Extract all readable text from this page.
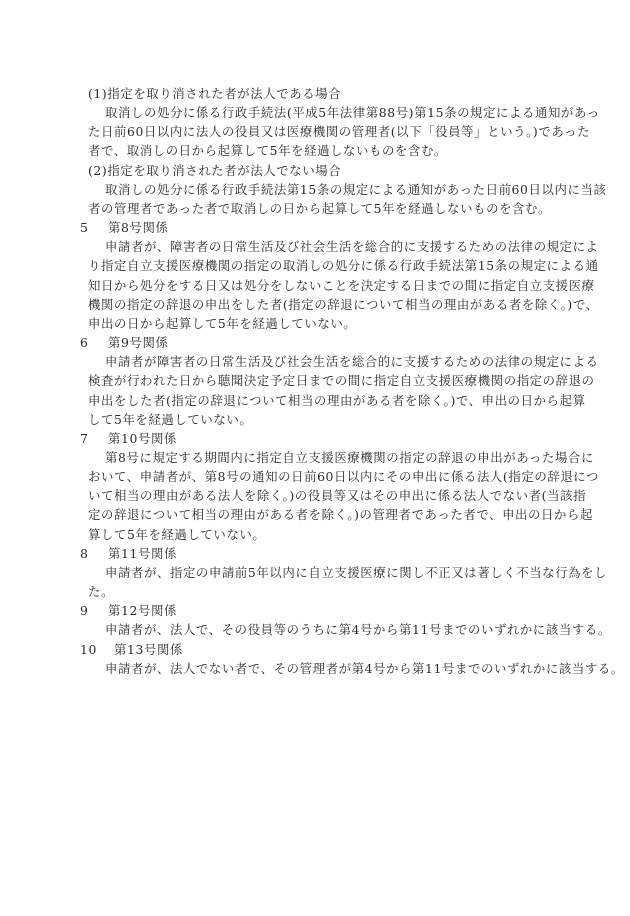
(1)指定を取り消された者が法人である場合
取消しの処分に係る行政手続法(平成5年法律第88号)第15条の規定による通知があっ
た日前60日以内に法人の役員又は医療機関の管理者(以下「役員等」という。)であった
者で、取消しの日から起算して5年を経過しないものを含む。
(2)指定を取り消された者が法人でない場合
取消しの処分に係る行政手続法第15条の規定による通知があった日前60日以内に当該
者の管理者であった者で取消しの日から起算して5年を経過しないものを含む。
5 第8号関係
申請者が、障害者の日常生活及び社会生活を総合的に支援するための法律の規定によ
り指定自立支援医療機関の指定の取消しの処分に係る行政手続法第15条の規定による通
知日から処分をする日又は処分をしないことを決定する日までの間に指定自立支援医療
機関の指定の辞退の申出をした者(指定の辞退について相当の理由がある者を除く。)で、
申出の日から起算して5年を経過していない。
6 第9号関係
申請者が障害者の日常生活及び社会生活を総合的に支援するための法律の規定による
検査が行われた日から聴聞決定予定日までの間に指定自立支援医療機関の指定の辞退の
申出をした者(指定の辞退について相当の理由がある者を除く。)で、申出の日から起算
して5年を経過していない。
7 第10号関係
第8号に規定する期間内に指定自立支援医療機関の指定の辞退の申出があった場合に
おいて、申請者が、第8号の通知の日前60日以内にその申出に係る法人(指定の辞退につ
いて相当の理由がある法人を除く。)の役員等又はその申出に係る法人でない者(当該指
定の辞退について相当の理由がある者を除く。)の管理者であった者で、申出の日から起
算して5年を経過していない。
8 第11号関係
申請者が、指定の申請前5年以内に自立支援医療に関し不正又は著しく不当な行為をし
た。
9 第12号関係
申請者が、法人で、その役員等のうちに第4号から第11号までのいずれかに該当する。
10 第13号関係
申請者が、法人でない者で、その管理者が第4号から第11号までのいずれかに該当する。
